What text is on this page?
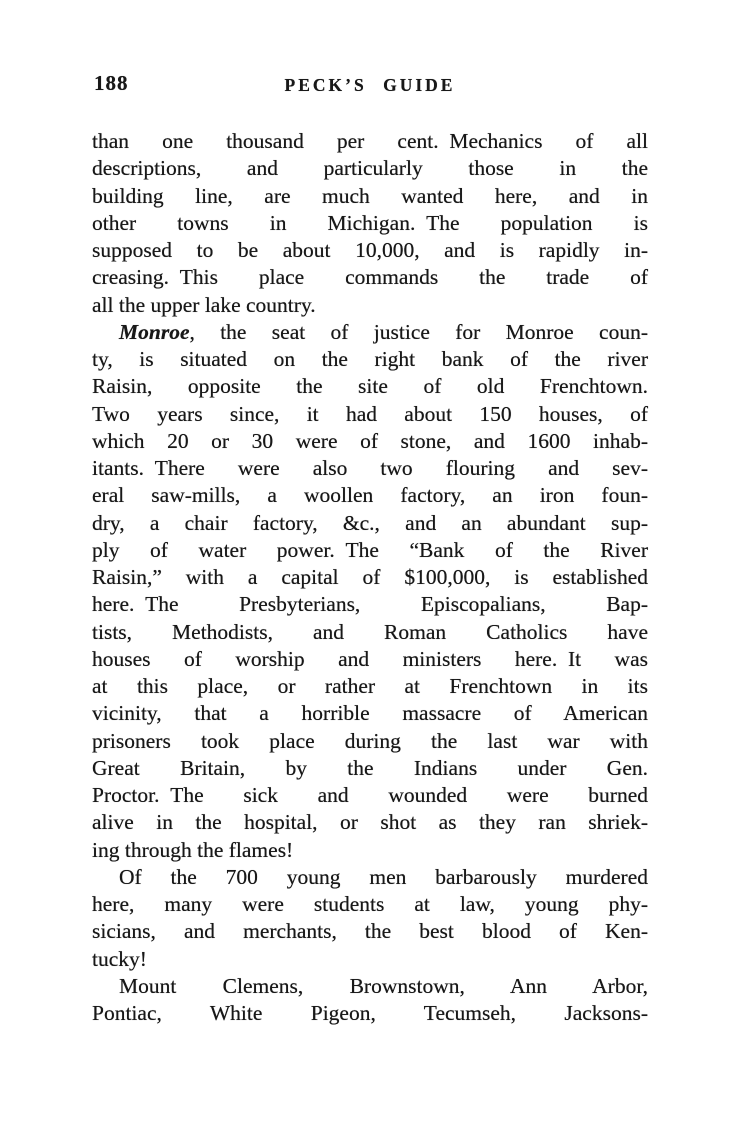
188	PECK’S GUIDE
than one thousand per cent. Mechanics of all
descriptions, and particularly those in the
building line, are much wanted here, and in
other towns in Michigan. The population is
supposed to be about 10,000, and is rapidly in-
creasing. This place commands the trade of
all the upper lake country.
Monroe, the seat of justice for Monroe coun-
ty, is situated on the right bank of the river
Raisin, opposite the site of old Frenchtown.
Two years since, it had about 150 houses, of
which 20 or 30 were of stone, and 1600 inhab-
itants. There were also two flouring and sev-
eral saw-mills, a woollen factory, an iron foun-
dry, a chair factory, &c., and an abundant sup-
ply of water power. The “Bank of the River
Raisin,” with a capital of $100,000, is established
here. The Presbyterians, Episcopalians, Bap-
tists, Methodists, and Roman Catholics have
houses of worship and ministers here. It was
at this place, or rather at Frenchtown in its
vicinity, that a horrible massacre of American
prisoners took place during the last war with
Great Britain, by the Indians under Gen.
Proctor. The sick and wounded were burned
alive in the hospital, or shot as they ran shriek-
ing through the flames!
Of the 700 young men barbarously murdered
here, many were students at law, young phy-
sicians, and merchants, the best blood of Ken-
tucky!
Mount Clemens, Brownstown, Ann Arbor,
Pontiac, White Pigeon, Tecumseh, Jacksons-
